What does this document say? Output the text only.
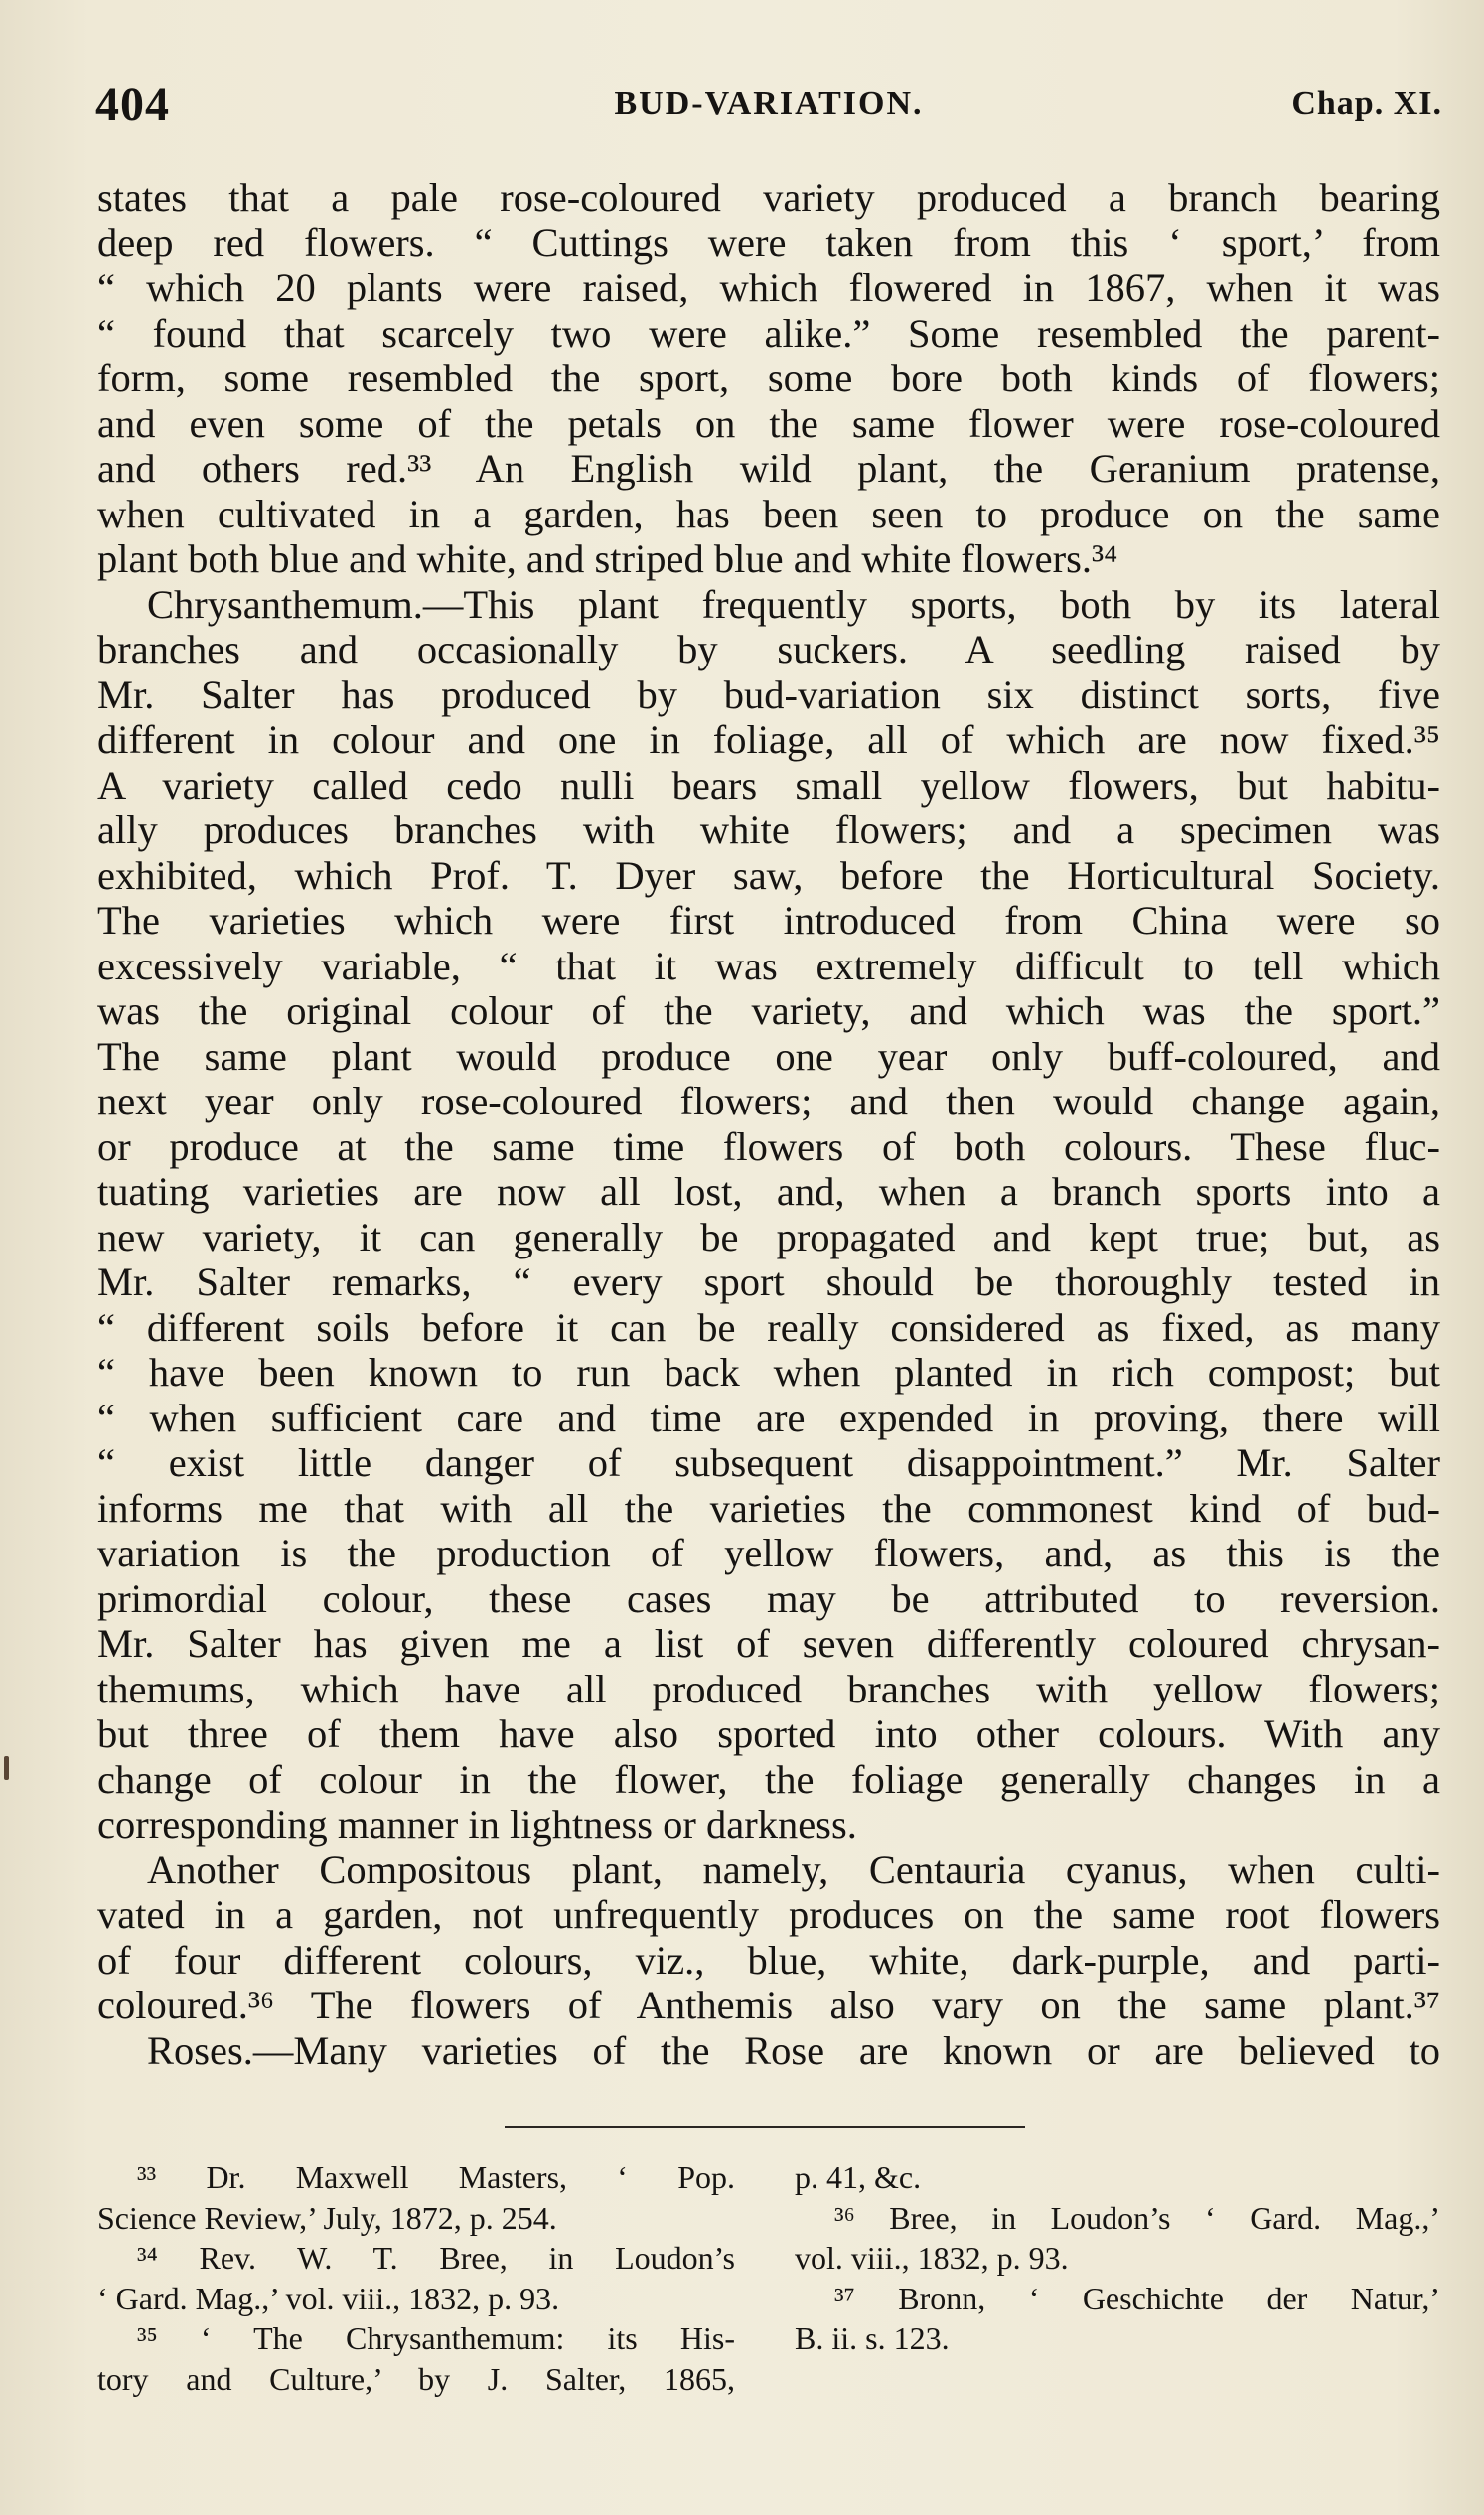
404	BUD-VARIATION.	Chap. XI.
states that a pale rose-coloured variety produced a branch bearing
deep red flowers. “ Cuttings were taken from this ‘ sport,’ from
“ which 20 plants were raised, which flowered in 1867, when it was
“ found that scarcely two were alike.” Some resembled the parent-
form, some resembled the sport, some bore both kinds of flowers;
and even some of the petals on the same flower were rose-coloured
and others red.³³ An English wild plant, the Geranium pratense,
when cultivated in a garden, has been seen to produce on the same
plant both blue and white, and striped blue and white flowers.³⁴
Chrysanthemum.—This plant frequently sports, both by its lateral
branches and occasionally by suckers. A seedling raised by
Mr. Salter has produced by bud-variation six distinct sorts, five
different in colour and one in foliage, all of which are now fixed.³⁵
A variety called cedo nulli bears small yellow flowers, but habitu-
ally produces branches with white flowers; and a specimen was
exhibited, which Prof. T. Dyer saw, before the Horticultural Society.
The varieties which were first introduced from China were so
excessively variable, “ that it was extremely difficult to tell which
was the original colour of the variety, and which was the sport.”
The same plant would produce one year only buff-coloured, and
next year only rose-coloured flowers; and then would change again,
or produce at the same time flowers of both colours. These fluc-
tuating varieties are now all lost, and, when a branch sports into a
new variety, it can generally be propagated and kept true; but, as
Mr. Salter remarks, “ every sport should be thoroughly tested in
“ different soils before it can be really considered as fixed, as many
“ have been known to run back when planted in rich compost; but
“ when sufficient care and time are expended in proving, there will
“ exist little danger of subsequent disappointment.” Mr. Salter
informs me that with all the varieties the commonest kind of bud-
variation is the production of yellow flowers, and, as this is the
primordial colour, these cases may be attributed to reversion.
Mr. Salter has given me a list of seven differently coloured chrysan-
themums, which have all produced branches with yellow flowers;
but three of them have also sported into other colours. With any
change of colour in the flower, the foliage generally changes in a
corresponding manner in lightness or darkness.
Another Compositous plant, namely, Centauria cyanus, when culti-
vated in a garden, not unfrequently produces on the same root flowers
of four different colours, viz., blue, white, dark-purple, and parti-
coloured.³⁶ The flowers of Anthemis also vary on the same plant.³⁷
Roses.—Many varieties of the Rose are known or are believed to
³³ Dr. Maxwell Masters, ‘ Pop.
Science Review,’ July, 1872, p. 254.
³⁴ Rev. W. T. Bree, in Loudon’s
‘ Gard. Mag.,’ vol. viii., 1832, p. 93.
³⁵ ‘ The Chrysanthemum: its His-
tory and Culture,’ by J. Salter, 1865,
p. 41, &c.
³⁶ Bree, in Loudon’s ‘ Gard. Mag.,’
vol. viii., 1832, p. 93.
³⁷ Bronn, ‘ Geschichte der Natur,’
B. ii. s. 123.
